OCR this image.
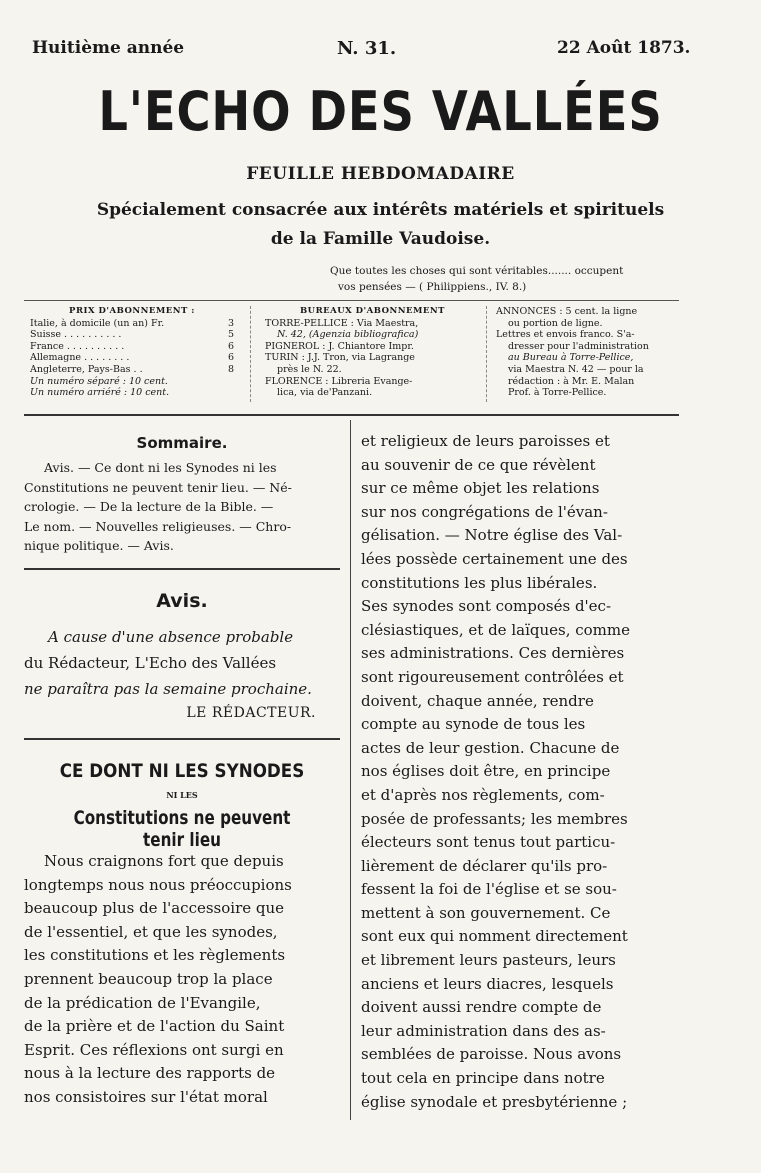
Huitième année	N. 31.	22 Août 1873.
L'ECHO DES VALLÉES
FEUILLE HEBDOMADAIRE
Spécialement consacrée aux intérêts matériels et spirituels
de la Famille Vaudoise.
Que toutes les choses qui sont véritables....... occupent
vos pensées — ( Philippiens., IV. 8.)
PRIX D'ABONNEMENT :
Italie, à domicile (un an) Fr.	3
Suisse . . . . . . . . . .	5
France . . . . . . . . . .	6
Allemagne . . . . . . . .	6
Angleterre, Pays-Bas . .	8
Un numéro séparé : 10 cent.
Un numéro arriéré : 10 cent.
BUREAUX D'ABONNEMENT
TORRE-PELLICE : Via Maestra,
N. 42, (Agenzia bibliografica)
PIGNEROL : J. Chiantore Impr.
TURIN : J.J. Tron, via Lagrange
près le N. 22.
FLORENCE : Libreria Evange-
lica, via de'Panzani.
ANNONCES : 5 cent. la ligne
ou portion de ligne.
Lettres et envois franco. S'a-
dresser pour l'administration
au Bureau à Torre-Pellice,
via Maestra N. 42 — pour la
rédaction : à Mr. E. Malan
Prof. à Torre-Pellice.
Sommaire.
Avis. — Ce dont ni les Synodes ni les
Constitutions ne peuvent tenir lieu. — Né-
crologie. — De la lecture de la Bible. —
Le nom. — Nouvelles religieuses. — Chro-
nique politique. — Avis.
Avis.
A cause d'une absence probable
du Rédacteur, L'Echo des Vallées
ne paraîtra pas la semaine prochaine.
LE RÉDACTEUR.
CE DONT NI LES SYNODES
NI LES
Constitutions ne peuvent tenir lieu
Nous craignons fort que depuis
longtemps nous nous préoccupions
beaucoup plus de l'accessoire que
de l'essentiel, et que les synodes,
les constitutions et les règlements
prennent beaucoup trop la place
de la prédication de l'Evangile,
de la prière et de l'action du Saint
Esprit. Ces réflexions ont surgi en
nous à la lecture des rapports de
nos consistoires sur l'état moral
et religieux de leurs paroisses et
au souvenir de ce que révèlent
sur ce même objet les relations
sur nos congrégations de l'évan-
gélisation. — Notre église des Val-
lées possède certainement une des
constitutions les plus libérales.
Ses synodes sont composés d'ec-
clésiastiques, et de laïques, comme
ses administrations. Ces dernières
sont rigoureusement contrôlées et
doivent, chaque année, rendre
compte au synode de tous les
actes de leur gestion. Chacune de
nos églises doit être, en principe
et d'après nos règlements, com-
posée de professants; les membres
électeurs sont tenus tout particu-
lièrement de déclarer qu'ils pro-
fessent la foi de l'église et se sou-
mettent à son gouvernement. Ce
sont eux qui nomment directement
et librement leurs pasteurs, leurs
anciens et leurs diacres, lesquels
doivent aussi rendre compte de
leur administration dans des as-
semblées de paroisse. Nous avons
tout cela en principe dans notre
église synodale et presbytérienne ;
